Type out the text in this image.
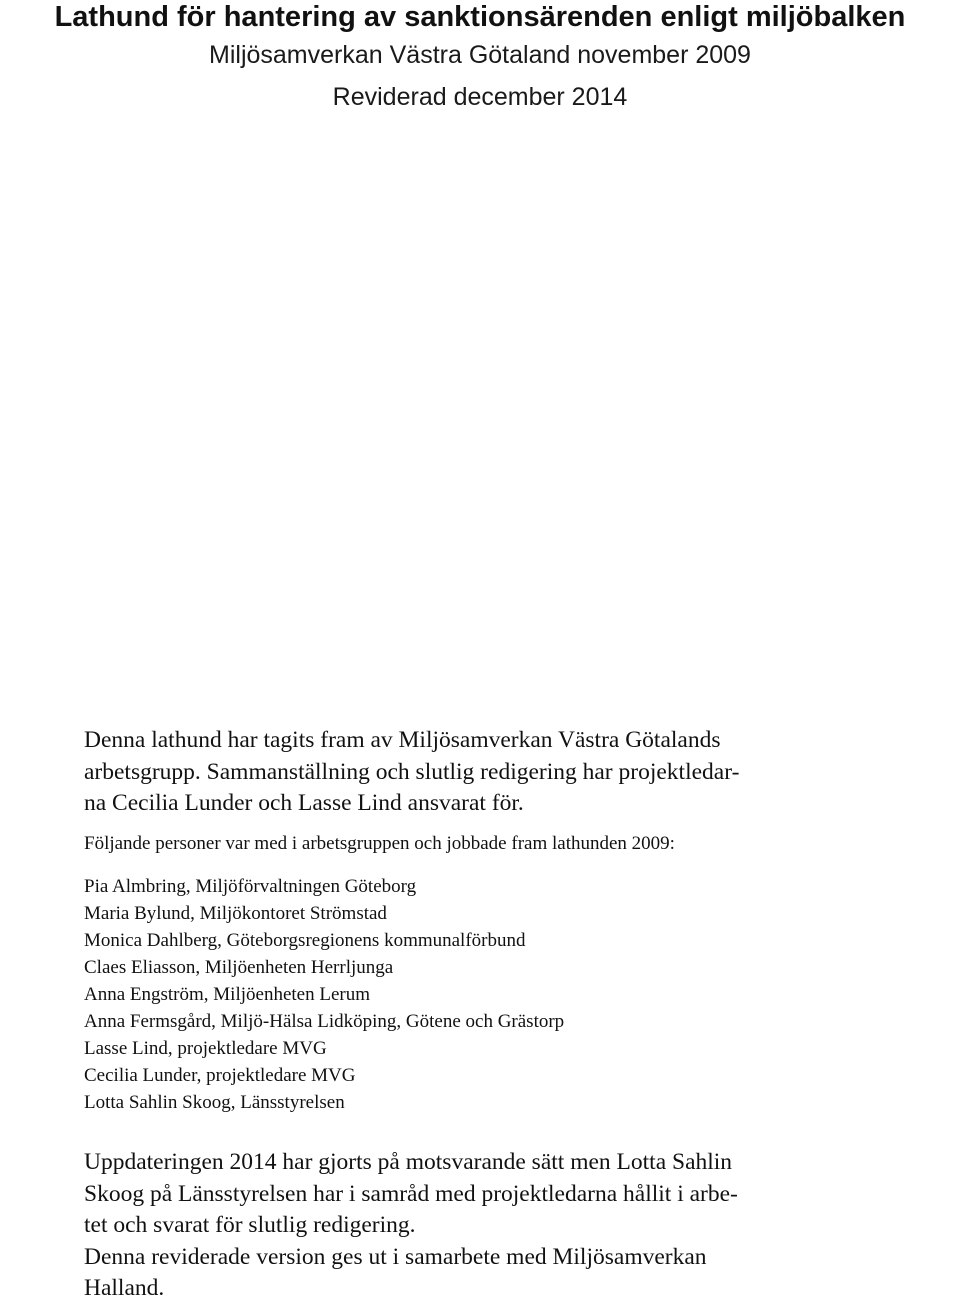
Lathund för hantering av sanktionsärenden enligt miljöbalken

Miljösamverkan Västra Götaland november 2009

Reviderad december 2014

Denna lathund har tagits fram av Miljösamverkan Västra Götalands
arbetsgrupp. Sammanställning och slutlig redigering har projektledar-
na Cecilia Lunder och Lasse Lind ansvarat för.

Följande personer var med i arbetsgruppen och jobbade fram lathunden 2009:

Pia Almbring, Miljöförvaltningen Göteborg
Maria Bylund, Miljökontoret Strömstad
Monica Dahlberg, Göteborgsregionens kommunalförbund
Claes Eliasson, Miljöenheten Herrljunga
Anna Engström, Miljöenheten Lerum
Anna Fermsgård, Miljö-Hälsa Lidköping, Götene och Grästorp
Lasse Lind, projektledare MVG
Cecilia Lunder, projektledare MVG
Lotta Sahlin Skoog, Länsstyrelsen

Uppdateringen 2014 har gjorts på motsvarande sätt men Lotta Sahlin
Skoog på Länsstyrelsen har i samråd med projektledarna hållit i arbe-
tet och svarat för slutlig redigering.
Denna reviderade version ges ut i samarbete med Miljösamverkan
Halland.
